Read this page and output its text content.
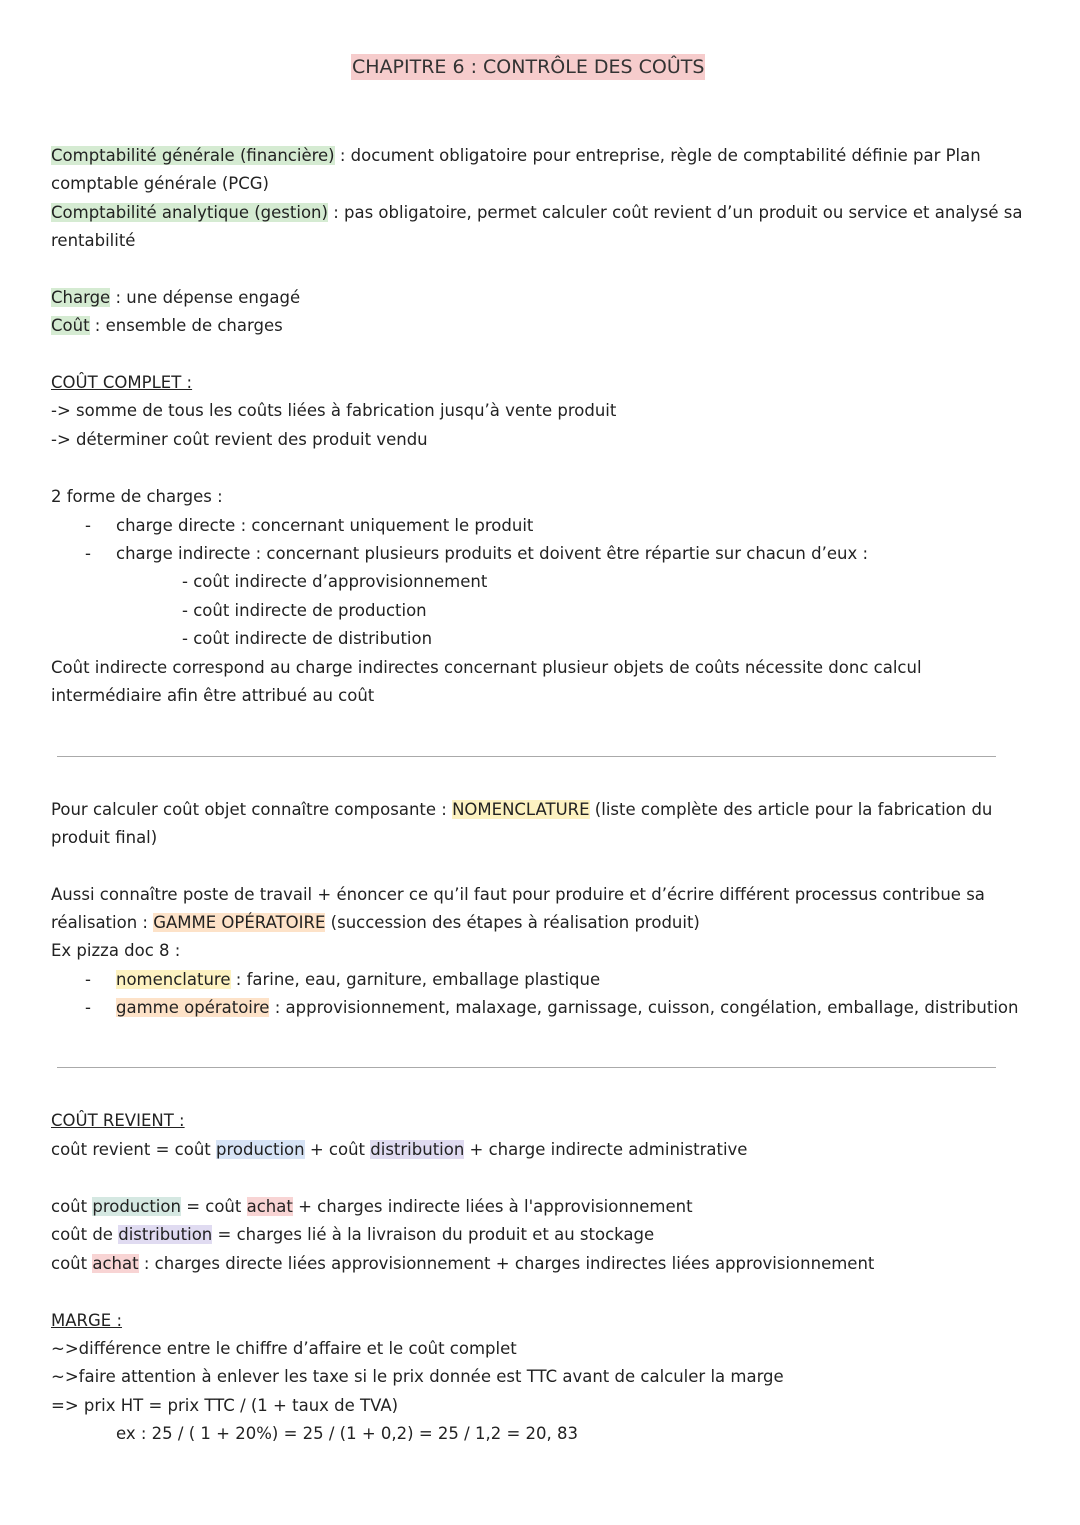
CHAPITRE 6 : CONTRÔLE DES COÛTS
Comptabilité générale (financière) : document obligatoire pour entreprise, règle de comptabilité définie par Plan
comptable générale (PCG)
Comptabilité analytique (gestion) : pas obligatoire, permet calculer coût revient d’un produit ou service et analysé sa
rentabilité
Charge : une dépense engagé
Coût : ensemble de charges
COÛT COMPLET :
-> somme de tous les coûts liées à fabrication jusqu’à vente produit
-> déterminer coût revient des produit vendu
2 forme de charges :
- charge directe : concernant uniquement le produit
- charge indirecte : concernant plusieurs produits et doivent être répartie sur chacun d’eux :
- coût indirecte d’approvisionnement
- coût indirecte de production
- coût indirecte de distribution
Coût indirecte correspond au charge indirectes concernant plusieur objets de coûts nécessite donc calcul
intermédiaire afin être attribué au coût
Pour calculer coût objet connaître composante : NOMENCLATURE (liste complète des article pour la fabrication du
produit final)
Aussi connaître poste de travail + énoncer ce qu’il faut pour produire et d’écrire différent processus contribue sa
réalisation : GAMME OPÉRATOIRE (succession des étapes à réalisation produit)
Ex pizza doc 8 :
- nomenclature : farine, eau, garniture, emballage plastique
- gamme opératoire : approvisionnement, malaxage, garnissage, cuisson, congélation, emballage, distribution
COÛT REVIENT :
coût revient = coût production + coût distribution + charge indirecte administrative
coût production = coût achat + charges indirecte liées à l'approvisionnement
coût de distribution = charges lié à la livraison du produit et au stockage
coût achat : charges directe liées approvisionnement + charges indirectes liées approvisionnement
MARGE :
~>différence entre le chiffre d’affaire et le coût complet
~>faire attention à enlever les taxe si le prix donnée est TTC avant de calculer la marge
=> prix HT = prix TTC / (1 + taux de TVA)
ex : 25 / ( 1 + 20%) = 25 / (1 + 0,2) = 25 / 1,2 = 20, 83
